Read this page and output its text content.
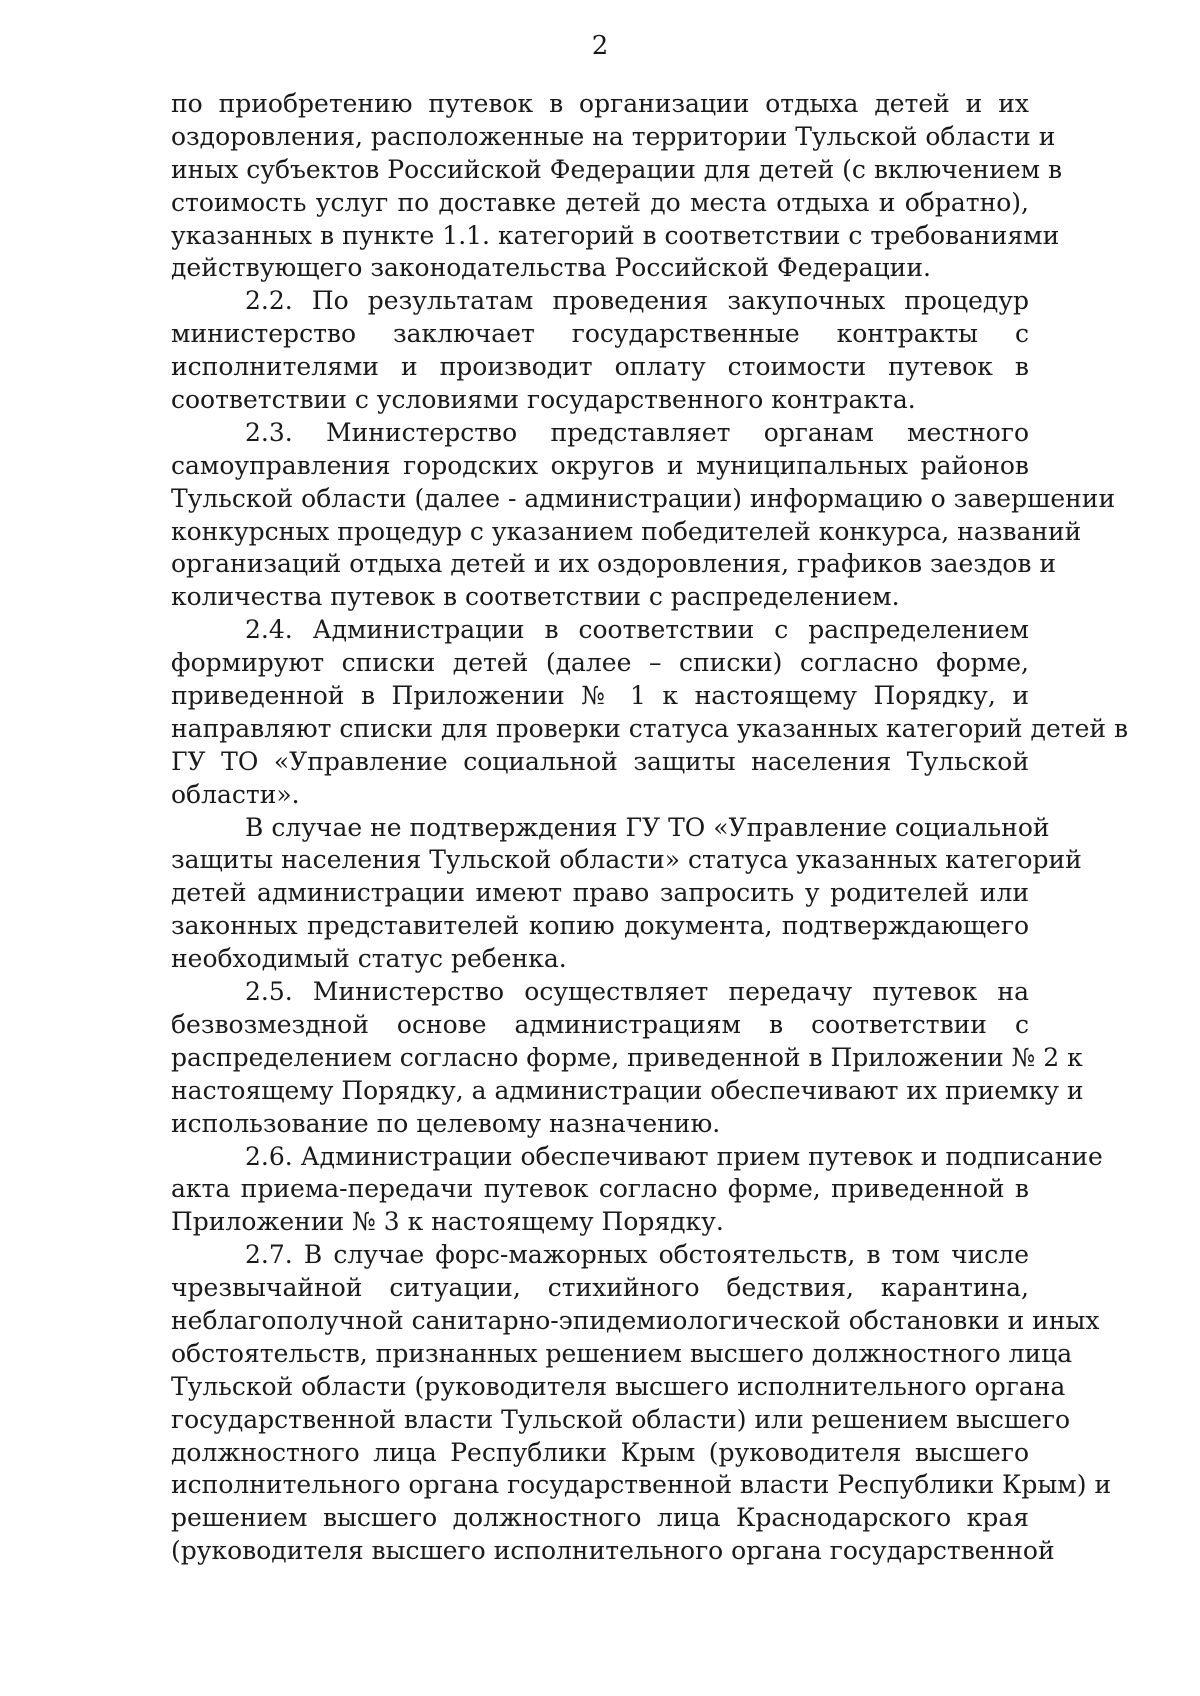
2
по приобретению путевок в организации отдыха детей и их
оздоровления, расположенные на территории Тульской области и
иных субъектов Российской Федерации для детей (с включением в
стоимость услуг по доставке детей до места отдыха и обратно),
указанных в пункте 1.1. категорий в соответствии с требованиями
действующего законодательства Российской Федерации.
2.2. По результатам проведения закупочных процедур
министерство заключает государственные контракты с
исполнителями и производит оплату стоимости путевок в
соответствии с условиями государственного контракта.
2.3. Министерство представляет органам местного
самоуправления городских округов и муниципальных районов
Тульской области (далее - администрации) информацию о завершении
конкурсных процедур с указанием победителей конкурса, названий
организаций отдыха детей и их оздоровления, графиков заездов и
количества путевок в соответствии с распределением.
2.4. Администрации в соответствии с распределением
формируют списки детей (далее – списки) согласно форме,
приведенной в Приложении № 1 к настоящему Порядку, и
направляют списки для проверки статуса указанных категорий детей в
ГУ ТО «Управление социальной защиты населения Тульской
области».
В случае не подтверждения ГУ ТО «Управление социальной
защиты населения Тульской области» статуса указанных категорий
детей администрации имеют право запросить у родителей или
законных представителей копию документа, подтверждающего
необходимый статус ребенка.
2.5. Министерство осуществляет передачу путевок на
безвозмездной основе администрациям в соответствии с
распределением согласно форме, приведенной в Приложении № 2 к
настоящему Порядку, а администрации обеспечивают их приемку и
использование по целевому назначению.
2.6. Администрации обеспечивают прием путевок и подписание
акта приема-передачи путевок согласно форме, приведенной в
Приложении № 3 к настоящему Порядку.
2.7. В случае форс-мажорных обстоятельств, в том числе
чрезвычайной ситуации, стихийного бедствия, карантина,
неблагополучной санитарно-эпидемиологической обстановки и иных
обстоятельств, признанных решением высшего должностного лица
Тульской области (руководителя высшего исполнительного органа
государственной власти Тульской области) или решением высшего
должностного лица Республики Крым (руководителя высшего
исполнительного органа государственной власти Республики Крым) и
решением высшего должностного лица Краснодарского края
(руководителя высшего исполнительного органа государственной
